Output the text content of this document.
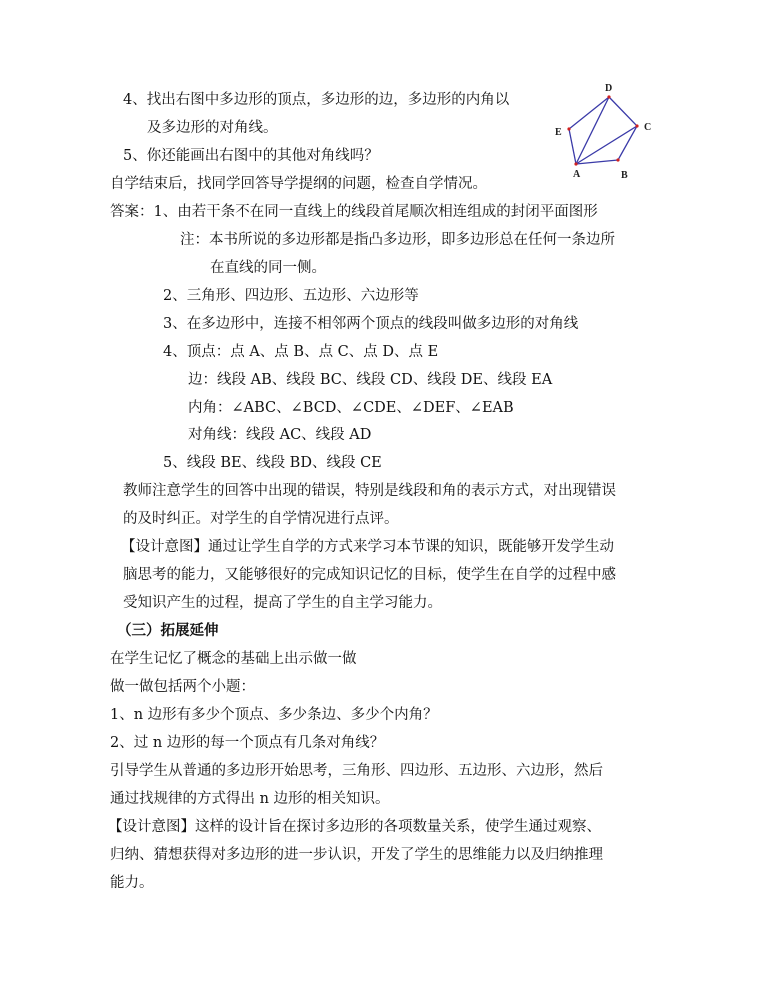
4、找出右图中多边形的顶点，多边形的边，多边形的内角以
及多边形的对角线。
5、你还能画出右图中的其他对角线吗？
自学结束后，找同学回答导学提纲的问题，检查自学情况。
答案：1、由若干条不在同一直线上的线段首尾顺次相连组成的封闭平面图形
注：本书所说的多边形都是指凸多边形，即多边形总在任何一条边所
在直线的同一侧。
2、三角形、四边形、五边形、六边形等
3、在多边形中，连接不相邻两个顶点的线段叫做多边形的对角线
4、顶点：点 A、点 B、点 C、点 D、点 E
边：线段 AB、线段 BC、线段 CD、线段 DE、线段 EA
内角：∠ABC、∠BCD、∠CDE、∠DEF、∠EAB
对角线：线段 AC、线段 AD
5、线段 BE、线段 BD、线段 CE
教师注意学生的回答中出现的错误，特别是线段和角的表示方式，对出现错误
的及时纠正。对学生的自学情况进行点评。
【设计意图】通过让学生自学的方式来学习本节课的知识，既能够开发学生动
脑思考的能力，又能够很好的完成知识记忆的目标，使学生在自学的过程中感
受知识产生的过程，提高了学生的自主学习能力。
（三）拓展延伸
在学生记忆了概念的基础上出示做一做
做一做包括两个小题：
1、n 边形有多少个顶点、多少条边、多少个内角？
2、过 n 边形的每一个顶点有几条对角线？
引导学生从普通的多边形开始思考，三角形、四边形、五边形、六边形，然后
通过找规律的方式得出 n 边形的相关知识。
【设计意图】这样的设计旨在探讨多边形的各项数量关系，使学生通过观察、
归纳、猜想获得对多边形的进一步认识，开发了学生的思维能力以及归纳推理
能力。
D
C
E
A	B
